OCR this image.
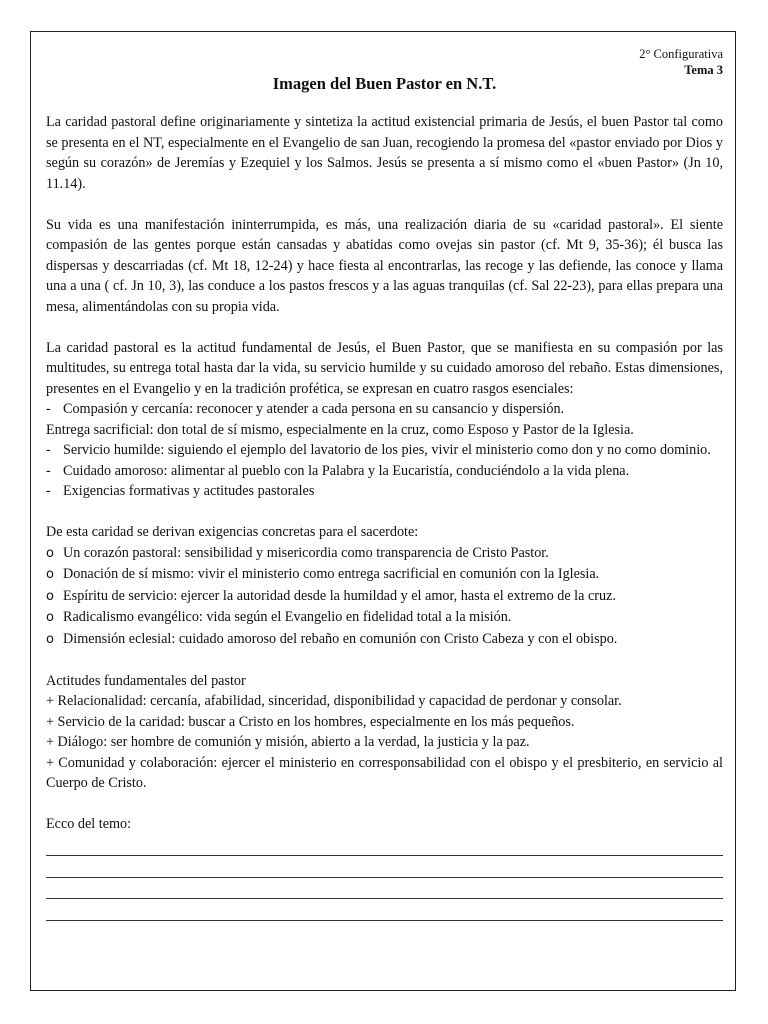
2° Configurativa
Tema 3
Imagen del Buen Pastor en N.T.

La caridad pastoral define originariamente y sintetiza la actitud existencial primaria de Jesús, el buen Pastor tal como se presenta en el NT, especialmente en el Evangelio de san Juan, recogiendo la promesa del «pastor enviado por Dios y según su corazón» de Jeremías y Ezequiel y los Salmos. Jesús se presenta a sí mismo como el «buen Pastor» (Jn 10, 11.14).

Su vida es una manifestación ininterrumpida, es más, una realización diaria de su «caridad pastoral». El siente compasión de las gentes porque están cansadas y abatidas como ovejas sin pastor (cf. Mt 9, 35-36); él busca las dispersas y descarriadas (cf. Mt 18, 12-24) y hace fiesta al encontrarlas, las recoge y las defiende, las conoce y llama una a una ( cf. Jn 10, 3), las conduce a los pastos frescos y a las aguas tranquilas (cf. Sal 22-23), para ellas prepara una mesa, alimentándolas con su propia vida.

La caridad pastoral es la actitud fundamental de Jesús, el Buen Pastor, que se manifiesta en su compasión por las multitudes, su entrega total hasta dar la vida, su servicio humilde y su cuidado amoroso del rebaño. Estas dimensiones, presentes en el Evangelio y en la tradición profética, se expresan en cuatro rasgos esenciales:

- Compasión y cercanía: reconocer y atender a cada persona en su cansancio y dispersión.

Entrega sacrificial: don total de sí mismo, especialmente en la cruz, como Esposo y Pastor de la Iglesia.

- Servicio humilde: siguiendo el ejemplo del lavatorio de los pies, vivir el ministerio como don y no como dominio.
- Cuidado amoroso: alimentar al pueblo con la Palabra y la Eucaristía, conduciéndolo a la vida plena.
- Exigencias formativas y actitudes pastorales

De esta caridad se derivan exigencias concretas para el sacerdote:

o Un corazón pastoral: sensibilidad y misericordia como transparencia de Cristo Pastor.
o Donación de sí mismo: vivir el ministerio como entrega sacrificial en comunión con la Iglesia.
o Espíritu de servicio: ejercer la autoridad desde la humildad y el amor, hasta el extremo de la cruz.
o Radicalismo evangélico: vida según el Evangelio en fidelidad total a la misión.
o Dimensión eclesial: cuidado amoroso del rebaño en comunión con Cristo Cabeza y con el obispo.

Actitudes fundamentales del pastor

+ Relacionalidad: cercanía, afabilidad, sinceridad, disponibilidad y capacidad de perdonar y consolar.

+ Servicio de la caridad: buscar a Cristo en los hombres, especialmente en los más pequeños.

+ Diálogo: ser hombre de comunión y misión, abierto a la verdad, la justicia y la paz.

+ Comunidad y colaboración: ejercer el ministerio en corresponsabilidad con el obispo y el presbiterio, en servicio al Cuerpo de Cristo.

Ecco del temo:
